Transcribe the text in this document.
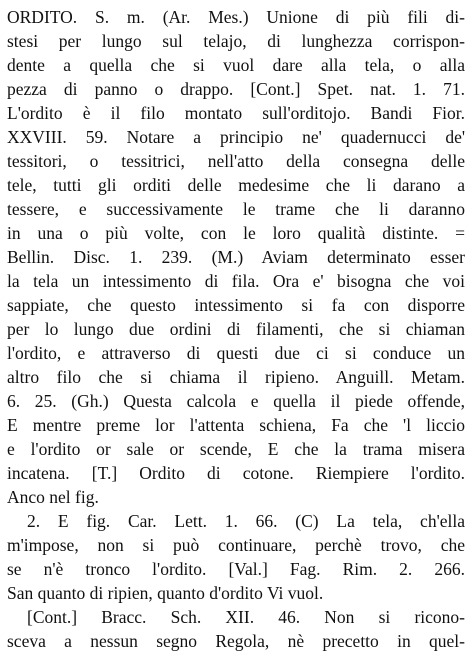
ORDITO. S. m. (Ar. Mes.) Unione di più fili di-
stesi per lungo sul telajo, di lunghezza corrispon-
dente a quella che si vuol dare alla tela, o alla
pezza di panno o drappo. [Cont.] Spet. nat. 1. 71.
L'ordito è il filo montato sull'orditojo. Bandi Fior.
XXVIII. 59. Notare a principio ne' quadernucci de'
tessitori, o tessitrici, nell'atto della consegna delle
tele, tutti gli orditi delle medesime che li darano a
tessere, e successivamente le trame che li daranno
in una o più volte, con le loro qualità distinte. =
Bellin. Disc. 1. 239. (M.) Aviam determinato esser
la tela un intessimento di fila. Ora e' bisogna che voi
sappiate, che questo intessimento si fa con disporre
per lo lungo due ordini di filamenti, che si chiaman
l'ordito, e attraverso di questi due ci si conduce un
altro filo che si chiama il ripieno. Anguill. Metam.
6. 25. (Gh.) Questa calcola e quella il piede offende,
E mentre preme lor l'attenta schiena, Fa che 'l liccio
e l'ordito or sale or scende, E che la trama misera
incatena. [T.] Ordito di cotone. Riempiere l'ordito.
Anco nel fig.
2. E fig. Car. Lett. 1. 66. (C) La tela, ch'ella
m'impose, non si può continuare, perchè trovo, che
se n'è tronco l'ordito. [Val.] Fag. Rim. 2. 266.
San quanto di ripien, quanto d'ordito Vi vuol.
[Cont.] Bracc. Sch. XII. 46. Non si ricono-
sceva a nessun segno Regola, nè precetto in quel-
